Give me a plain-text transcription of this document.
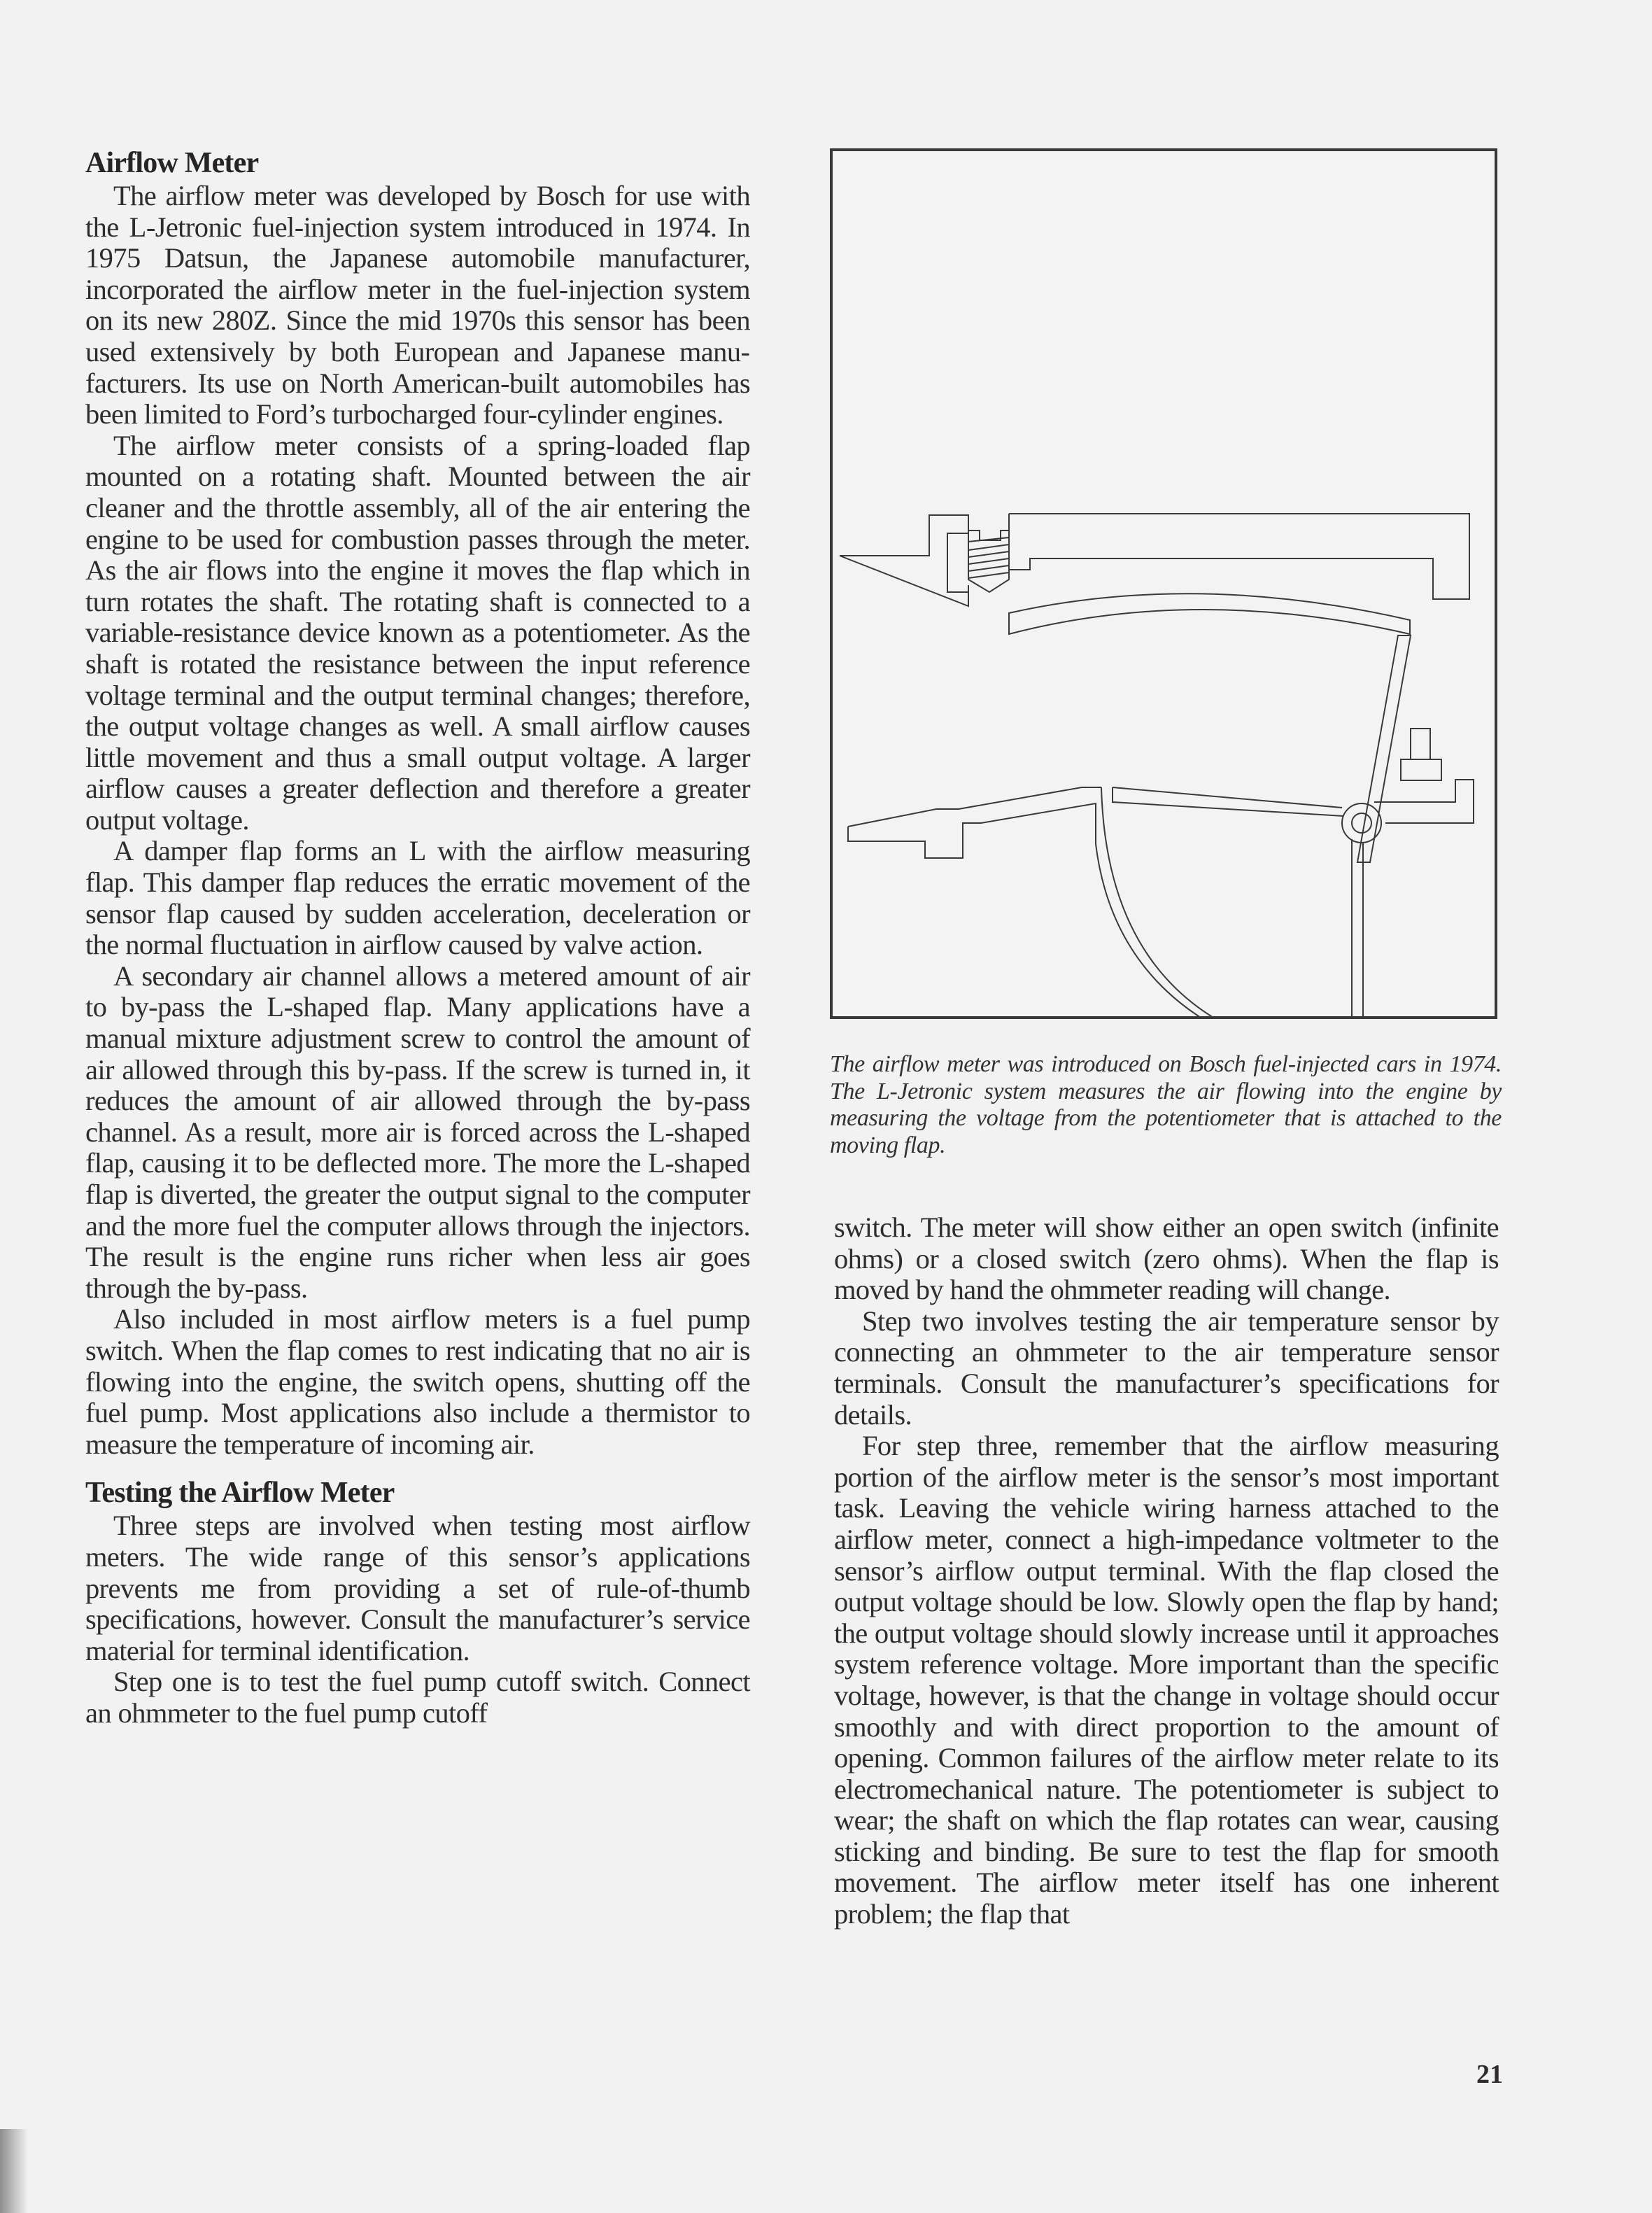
Airflow Meter

The airflow meter was developed by Bosch for use with the L-Jetronic fuel-injection system introduced in 1974. In 1975 Datsun, the Japanese automobile manufacturer, incorporated the airflow meter in the fuel-injection system on its new 280Z. Since the mid 1970s this sensor has been used extensively by both European and Japanese manufacturers. Its use on North American-built automobiles has been limited to Ford’s turbocharged four-cylinder engines.

The airflow meter consists of a spring-loaded flap mounted on a rotating shaft. Mounted between the air cleaner and the throttle assembly, all of the air entering the engine to be used for combustion passes through the meter. As the air flows into the engine it moves the flap which in turn rotates the shaft. The rotating shaft is connected to a variable-resistance device known as a potentiometer. As the shaft is rotated the resistance between the input reference voltage terminal and the output terminal changes; therefore, the output voltage changes as well. A small airflow causes little movement and thus a small output voltage. A larger airflow causes a greater deflection and therefore a greater output voltage.

A damper flap forms an L with the airflow measuring flap. This damper flap reduces the erratic movement of the sensor flap caused by sudden acceleration, deceleration or the normal fluctuation in airflow caused by valve action.

A secondary air channel allows a metered amount of air to by-pass the L-shaped flap. Many applications have a manual mixture adjustment screw to control the amount of air allowed through this by-pass. If the screw is turned in, it reduces the amount of air allowed through the by-pass channel. As a result, more air is forced across the L-shaped flap, causing it to be deflected more. The more the L-shaped flap is diverted, the greater the output signal to the computer and the more fuel the computer allows through the injectors. The result is the engine runs richer when less air goes through the by-pass.

Also included in most airflow meters is a fuel pump switch. When the flap comes to rest indicating that no air is flowing into the engine, the switch opens, shutting off the fuel pump. Most applications also include a thermistor to measure the temperature of incoming air.

Testing the Airflow Meter

Three steps are involved when testing most airflow meters. The wide range of this sensor’s applications prevents me from providing a set of rule-of-thumb specifications, however. Consult the manufacturer’s service material for terminal identification.

Step one is to test the fuel pump cutoff switch. Connect an ohmmeter to the fuel pump cutoff

The airflow meter was introduced on Bosch fuel-injected cars in 1974. The L-Jetronic system measures the air flowing into the engine by measuring the voltage from the potentiometer that is attached to the moving flap.

switch. The meter will show either an open switch (infinite ohms) or a closed switch (zero ohms). When the flap is moved by hand the ohmmeter reading will change.

Step two involves testing the air temperature sensor by connecting an ohmmeter to the air temperature sensor terminals. Consult the manufacturer’s specifications for details.

For step three, remember that the airflow measuring portion of the airflow meter is the sensor’s most important task. Leaving the vehicle wiring harness attached to the airflow meter, connect a high-impedance voltmeter to the sensor’s airflow output terminal. With the flap closed the output voltage should be low. Slowly open the flap by hand; the output voltage should slowly increase until it approaches system reference voltage. More important than the specific voltage, however, is that the change in voltage should occur smoothly and with direct proportion to the amount of opening. Common failures of the airflow meter relate to its electromechanical nature. The potentiometer is subject to wear; the shaft on which the flap rotates can wear, causing sticking and binding. Be sure to test the flap for smooth movement. The airflow meter itself has one inherent problem; the flap that

21
